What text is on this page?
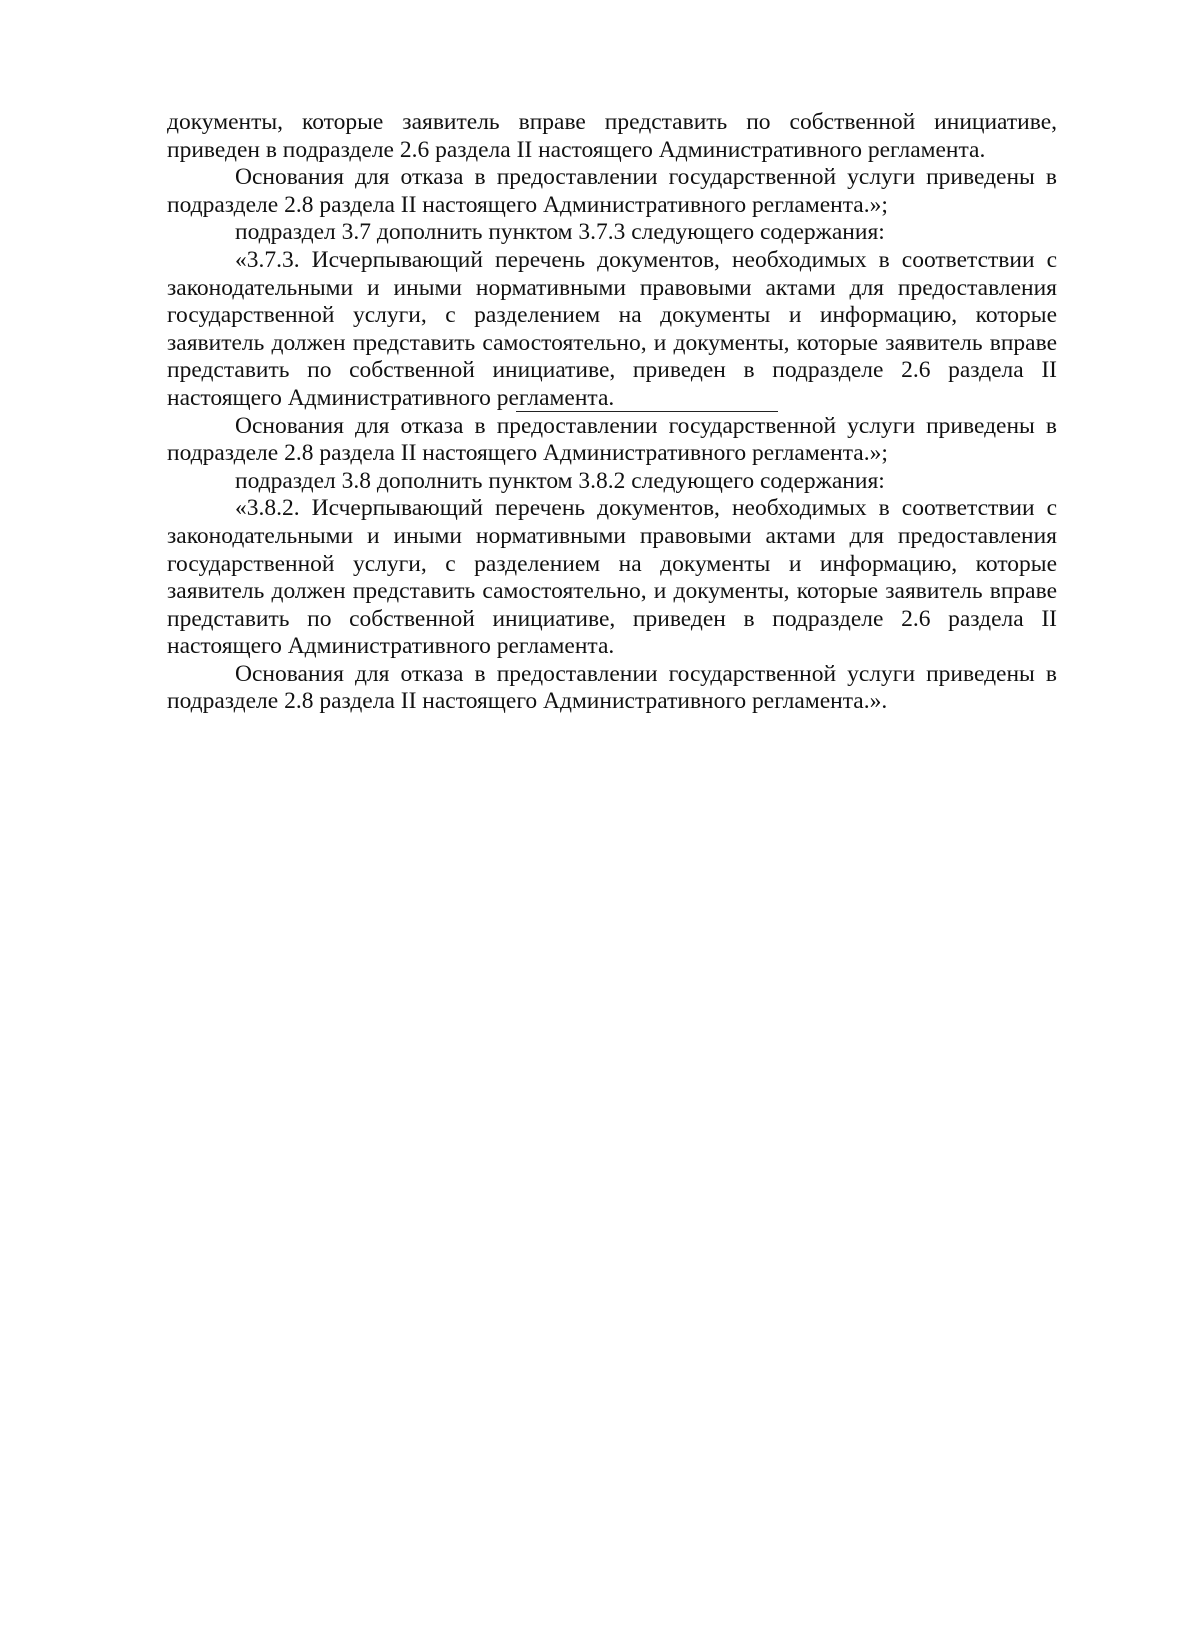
документы, которые заявитель вправе представить по собственной инициативе, приведен в подразделе 2.6 раздела II настоящего Административного регламента.

Основания для отказа в предоставлении государственной услуги приведены в подразделе 2.8 раздела II настоящего Административного регламента.»;

подраздел 3.7 дополнить пунктом 3.7.3 следующего содержания:

«3.7.3. Исчерпывающий перечень документов, необходимых в соответствии с законодательными и иными нормативными правовыми актами для предоставления государственной услуги, с разделением на документы и информацию, которые заявитель должен представить самостоятельно, и документы, которые заявитель вправе представить по собственной инициативе, приведен в подразделе 2.6 раздела II настоящего Административного регламента.

Основания для отказа в предоставлении государственной услуги приведены в подразделе 2.8 раздела II настоящего Административного регламента.»;

подраздел 3.8 дополнить пунктом 3.8.2 следующего содержания:

«3.8.2. Исчерпывающий перечень документов, необходимых в соответствии с законодательными и иными нормативными правовыми актами для предоставления государственной услуги, с разделением на документы и информацию, которые заявитель должен представить самостоятельно, и документы, которые заявитель вправе представить по собственной инициативе, приведен в подразделе 2.6 раздела II настоящего Административного регламента.

Основания для отказа в предоставлении государственной услуги приведены в подразделе 2.8 раздела II настоящего Административного регламента.».
